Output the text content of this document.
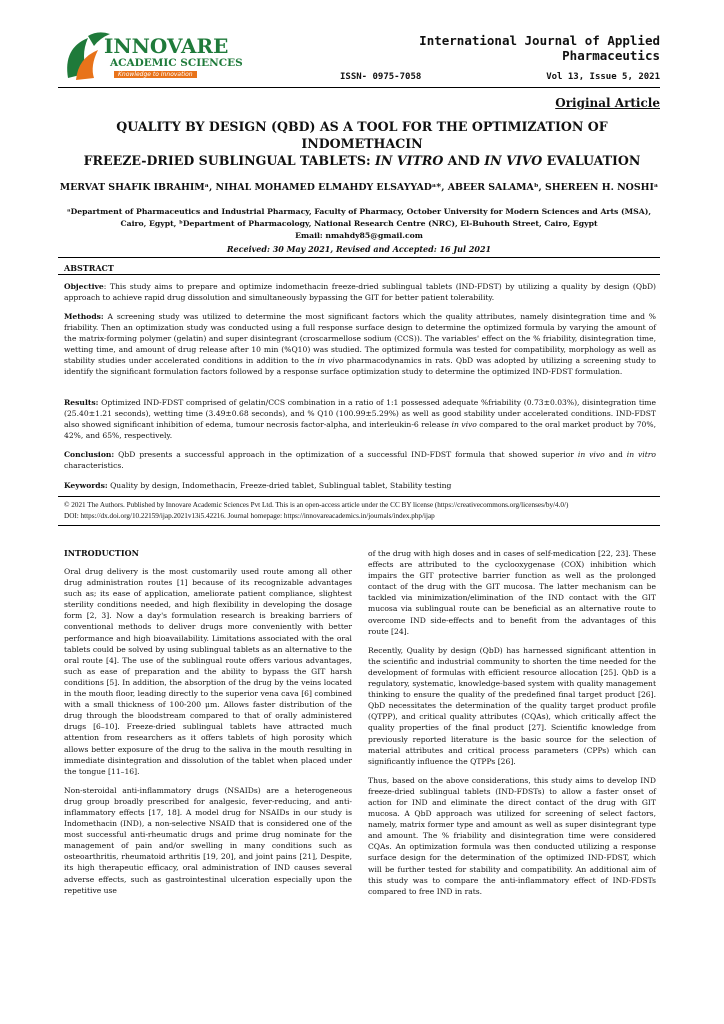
INNOVARE
ACADEMIC SCIENCES
Knowledge to Innovation
International Journal of Applied Pharmaceutics
ISSN- 0975-7058	Vol 13, Issue 5, 2021
Original Article
QUALITY BY DESIGN (QBD) AS A TOOL FOR THE OPTIMIZATION OF INDOMETHACIN
FREEZE-DRIED SUBLINGUAL TABLETS: IN VITRO AND IN VIVO EVALUATION
MERVAT SHAFIK IBRAHIMᵃ, NIHAL MOHAMED ELMAHDY ELSAYYADᵃ*, ABEER SALAMAᵇ, SHEREEN H. NOSHIᵃ
ᵃDepartment of Pharmaceutics and Industrial Pharmacy, Faculty of Pharmacy, October University for Modern Sciences and Arts (MSA),
Cairo, Egypt, ᵇDepartment of Pharmacology, National Research Centre (NRC), El-Buhouth Street, Cairo, Egypt
Email: nmahdy85@gmail.com
Received: 30 May 2021, Revised and Accepted: 16 Jul 2021
ABSTRACT
Objective: This study aims to prepare and optimize indomethacin freeze-dried sublingual tablets (IND-FDST) by utilizing a quality by design (QbD) approach to achieve rapid drug dissolution and simultaneously bypassing the GIT for better patient tolerability.
Methods: A screening study was utilized to determine the most significant factors which the quality attributes, namely disintegration time and % friability. Then an optimization study was conducted using a full response surface design to determine the optimized formula by varying the amount of the matrix-forming polymer (gelatin) and super disintegrant (croscarmellose sodium (CCS)). The variables' effect on the % friability, disintegration time, wetting time, and amount of drug release after 10 min (%Q10) was studied. The optimized formula was tested for compatibility, morphology as well as stability studies under accelerated conditions in addition to the in vivo pharmacodynamics in rats. QbD was adopted by utilizing a screening study to identify the significant formulation factors followed by a response surface optimization study to determine the optimized IND-FDST formulation.
Results: Optimized IND-FDST comprised of gelatin/CCS combination in a ratio of 1:1 possessed adequate %friability (0.73±0.03%), disintegration time (25.40±1.21 seconds), wetting time (3.49±0.68 seconds), and % Q10 (100.99±5.29%) as well as good stability under accelerated conditions. IND-FDST also showed significant inhibition of edema, tumour necrosis factor-alpha, and interleukin-6 release in vivo compared to the oral market product by 70%, 42%, and 65%, respectively.
Conclusion: QbD presents a successful approach in the optimization of a successful IND-FDST formula that showed superior in vivo and in vitro characteristics.
Keywords: Quality by design, Indomethacin, Freeze-dried tablet, Sublingual tablet, Stability testing
© 2021 The Authors. Published by Innovare Academic Sciences Pvt Ltd. This is an open-access article under the CC BY license (https://creativecommons.org/licenses/by/4.0/)
DOI: https://dx.doi.org/10.22159/ijap.2021v13i5.42216. Journal homepage: https://innovareacademics.in/journals/index.php/ijap
INTRODUCTION

Oral drug delivery is the most customarily used route among all other drug administration routes [1] because of its recognizable advantages such as; its ease of application, ameliorate patient compliance, slightest sterility conditions needed, and high flexibility in developing the dosage form [2, 3]. Now a day's formulation research is breaking barriers of conventional methods to deliver drugs more conveniently with better performance and high bioavailability. Limitations associated with the oral tablets could be solved by using sublingual tablets as an alternative to the oral route [4]. The use of the sublingual route offers various advantages, such as ease of preparation and the ability to bypass the GIT harsh conditions [5]. In addition, the absorption of the drug by the veins located in the mouth floor, leading directly to the superior vena cava [6] combined with a small thickness of 100-200 μm. Allows faster distribution of the drug through the bloodstream compared to that of orally administered drugs [6–10]. Freeze-dried sublingual tablets have attracted much attention from researchers as it offers tablets of high porosity which allows better exposure of the drug to the saliva in the mouth resulting in immediate disintegration and dissolution of the tablet when placed under the tongue [11–16].

Non-steroidal anti-inflammatory drugs (NSAIDs) are a heterogeneous drug group broadly prescribed for analgesic, fever-reducing, and anti-inflammatory effects [17, 18]. A model drug for NSAIDs in our study is Indomethacin (IND), a non-selective NSAID that is considered one of the most successful anti-rheumatic drugs and prime drug nominate for the management of pain and/or swelling in many conditions such as osteoarthritis, rheumatoid arthritis [19, 20], and joint pains [21], Despite, its high therapeutic efficacy, oral administration of IND causes several adverse effects, such as gastrointestinal ulceration especially upon the repetitive use

of the drug with high doses and in cases of self-medication [22, 23]. These effects are attributed to the cyclooxygenase (COX) inhibition which impairs the GIT protective barrier function as well as the prolonged contact of the drug with the GIT mucosa. The latter mechanism can be tackled via minimization/elimination of the IND contact with the GIT mucosa via sublingual route can be beneficial as an alternative route to overcome IND side-effects and to benefit from the advantages of this route [24].

Recently, Quality by design (QbD) has harnessed significant attention in the scientific and industrial community to shorten the time needed for the development of formulas with efficient resource allocation [25]. QbD is a regulatory, systematic, knowledge-based system with quality management thinking to ensure the quality of the predefined final target product [26]. QbD necessitates the determination of the quality target product profile (QTPP), and critical quality attributes (CQAs), which critically affect the quality properties of the final product [27]. Scientific knowledge from previously reported literature is the basic source for the selection of material attributes and critical process parameters (CPPs) which can significantly influence the QTPPs [26].

Thus, based on the above considerations, this study aims to develop IND freeze-dried sublingual tablets (IND-FDSTs) to allow a faster onset of action for IND and eliminate the direct contact of the drug with GIT mucosa. A QbD approach was utilized for screening of select factors, namely, matrix former type and amount as well as super disintegrant type and amount. The % friability and disintegration time were considered CQAs. An optimization formula was then conducted utilizing a response surface design for the determination of the optimized IND-FDST, which will be further tested for stability and compatibility. An additional aim of this study was to compare the anti-inflammatory effect of IND-FDSTs compared to free IND in rats.
